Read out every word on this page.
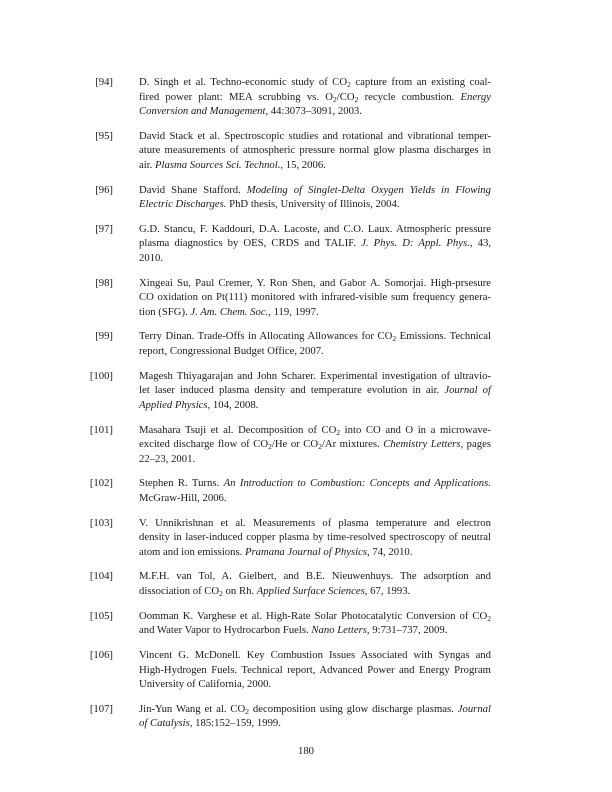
[94] D. Singh et al. Techno-economic study of $CO_2$ capture from an existing coal-
fired power plant: MEA scrubbing vs. $O_2/CO_2$ recycle combustion. Energy
Conversion and Management, 44:3073–3091, 2003.
[95] David Stack et al. Spectroscopic studies and rotational and vibrational temper-
ature measurements of atmospheric pressure normal glow plasma discharges in
air. Plasma Sources Sci. Technol., 15, 2006.
[96] David Shane Stafford. Modeling of Singlet-Delta Oxygen Yields in Flowing
Electric Discharges. PhD thesis, University of Illinois, 2004.
[97] G.D. Stancu, F. Kaddouri, D.A. Lacoste, and C.O. Laux. Atmospheric pressure
plasma diagnostics by OES, CRDS and TALIF. J. Phys. D: Appl. Phys., 43,
2010.
[98] Xingeai Su, Paul Cremer, Y. Ron Shen, and Gabor A. Somorjai. High-prsesure
CO oxidation on Pt(111) monitored with infrared-visible sum frequency genera-
tion (SFG). J. Am. Chem. Soc., 119, 1997.
[99] Terry Dinan. Trade-Offs in Allocating Allowances for $CO_2$ Emissions. Technical
report, Congressional Budget Office, 2007.
[100] Magesh Thiyagarajan and John Scharer. Experimental investigation of ultravio-
let laser induced plasma density and temperature evolution in air. Journal of
Applied Physics, 104, 2008.
[101] Masahara Tsuji et al. Decomposition of $CO_2$ into CO and O in a microwave-
excited discharge flow of $CO_2/He$ or $CO_2/Ar$ mixtures. Chemistry Letters, pages
22–23, 2001.
[102] Stephen R. Turns. An Introduction to Combustion: Concepts and Applications.
McGraw-Hill, 2006.
[103] V. Unnikrishnan et al. Measurements of plasma temperature and electron
density in laser-induced copper plasma by time-resolved spectroscopy of neutral
atom and ion emissions. Pramana Journal of Physics, 74, 2010.
[104] M.F.H. van Tol, A. Gielbert, and B.E. Nieuwenhuys. The adsorption and
dissociation of $CO_2$ on Rh. Applied Surface Sciences, 67, 1993.
[105] Oomman K. Varghese et al. High-Rate Solar Photocatalytic Conversion of $CO_2$
and Water Vapor to Hydrocarbon Fuels. Nano Letters, 9:731–737, 2009.
[106] Vincent G. McDonell. Key Combustion Issues Associated with Syngas and
High-Hydrogen Fuels. Technical report, Advanced Power and Energy Program
University of California, 2000.
[107] Jin-Yun Wang et al. $CO_2$ decomposition using glow discharge plasmas. Journal
of Catalysis, 185:152–159, 1999.
180
